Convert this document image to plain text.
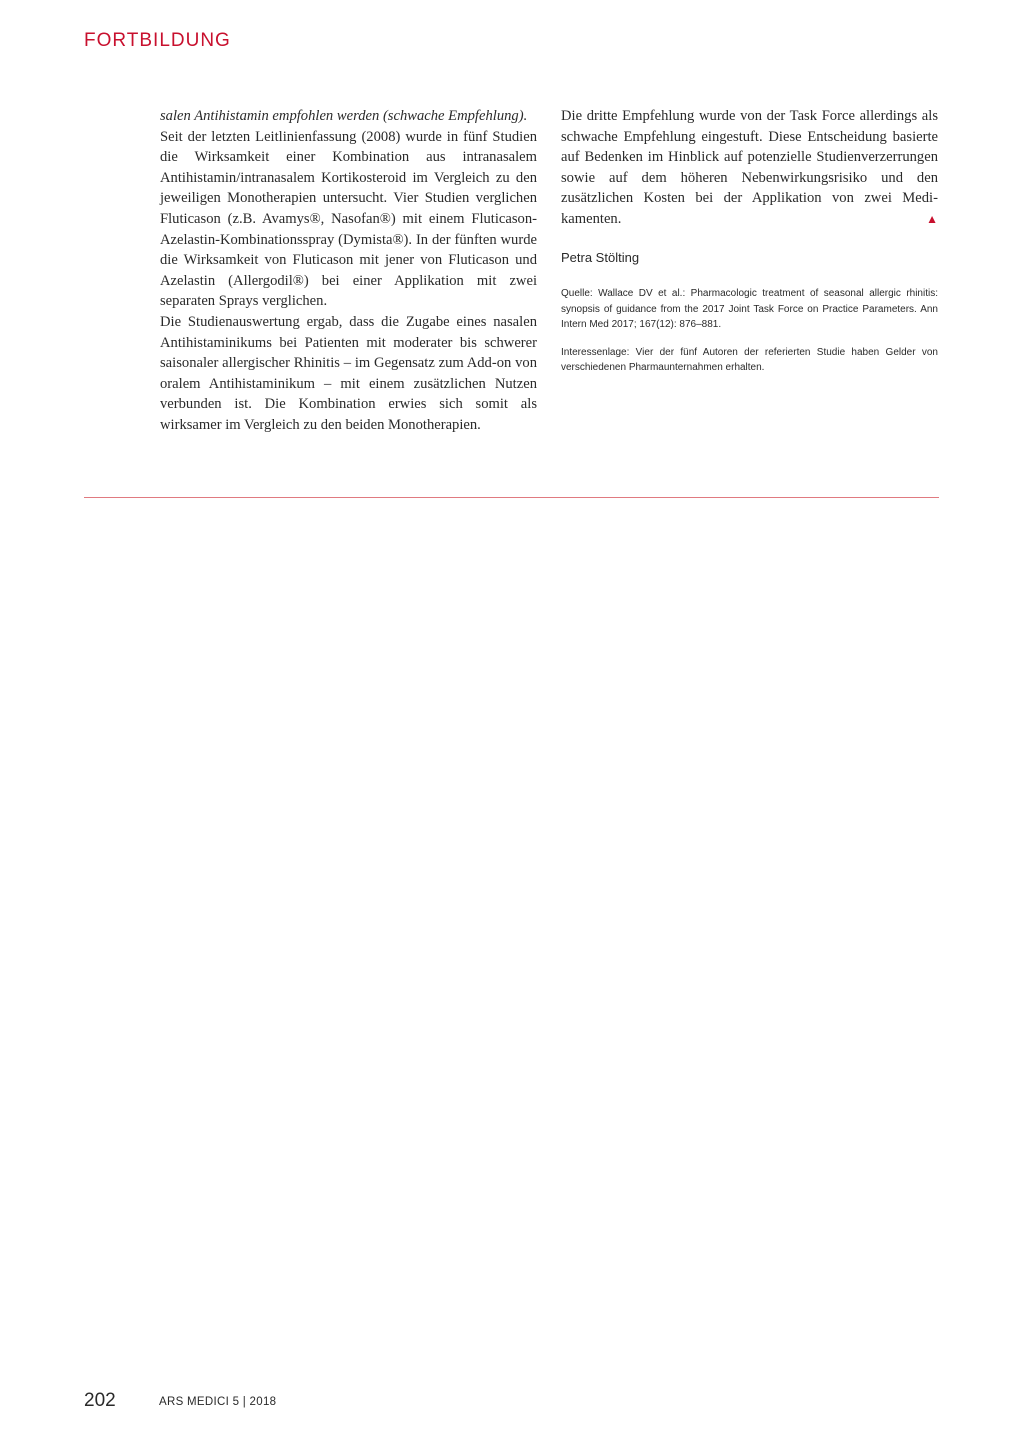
FORTBILDUNG

salen Antihistamin empfohlen werden (schwache Empfehlung).

Seit der letzten Leitlinienfassung (2008) wurde in fünf Studien die Wirksamkeit einer Kombination aus intranasalem Antihistamin/intranasalem Kortikosteroid im Vergleich zu den jeweiligen Monotherapien untersucht. Vier Studien verglichen Fluticason (z.B. Avamys®, Nasofan®) mit einem Fluticason-Azelastin-Kombinationsspray (Dymista®). In der fünften wurde die Wirksamkeit von Fluticason mit jener von Fluticason und Azelastin (Allergodil®) bei einer Applikation mit zwei separaten Sprays verglichen.

Die Studienauswertung ergab, dass die Zugabe eines nasalen Antihistaminikums bei Patienten mit moderater bis schwerer saisonaler allergischer Rhinitis – im Gegensatz zum Add-on von oralem Antihistaminikum – mit einem zusätzlichen Nutzen verbunden ist. Die Kombination erwies sich somit als wirksamer im Vergleich zu den beiden Monotherapien.

Die dritte Empfehlung wurde von der Task Force allerdings als schwache Empfehlung eingestuft. Diese Entscheidung basierte auf Bedenken im Hinblick auf potenzielle Studienverzerrungen sowie auf dem höheren Nebenwirkungsrisiko und den zusätzlichen Kosten bei der Applikation von zwei Medikamenten.	▲

Petra Stölting

Quelle: Wallace DV et al.: Pharmacologic treatment of seasonal allergic rhinitis: synopsis of guidance from the 2017 Joint Task Force on Practice Parameters. Ann Intern Med 2017; 167(12): 876–881.

Interessenlage: Vier der fünf Autoren der referierten Studie haben Gelder von verschiedenen Pharmaunternahmen erhalten.

202	ARS MEDICI 5 | 2018
